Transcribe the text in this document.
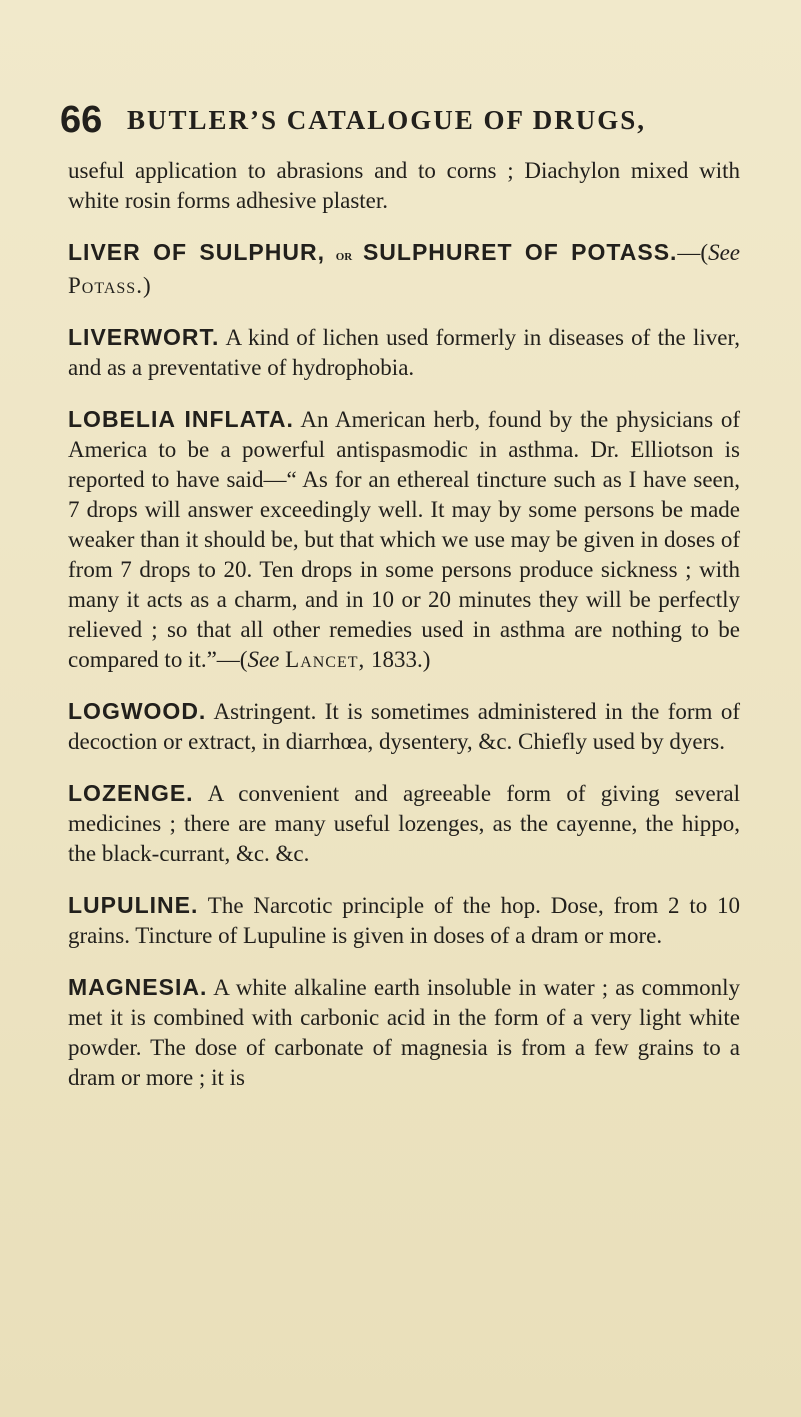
66 BUTLER’S CATALOGUE OF DRUGS,

useful application to abrasions and to corns ; Diachylon mixed with white rosin forms adhesive plaster.

LIVER OF SULPHUR, or SULPHURET OF POTASS.—(See Potass.)

LIVERWORT. A kind of lichen used formerly in diseases of the liver, and as a preventative of hydrophobia.

LOBELIA INFLATA. An American herb, found by the physicians of America to be a powerful antispasmodic in asthma. Dr. Elliotson is reported to have said—“ As for an ethereal tincture such as I have seen, 7 drops will answer exceedingly well. It may by some persons be made weaker than it should be, but that which we use may be given in doses of from 7 drops to 20. Ten drops in some persons produce sickness ; with many it acts as a charm, and in 10 or 20 minutes they will be perfectly relieved ; so that all other remedies used in asthma are nothing to be compared to it.”—(See Lancet, 1833.)

LOGWOOD. Astringent. It is sometimes administered in the form of decoction or extract, in diarrhœa, dysentery, &c. Chiefly used by dyers.

LOZENGE. A convenient and agreeable form of giving several medicines ; there are many useful lozenges, as the cayenne, the hippo, the black-currant, &c. &c.

LUPULINE. The Narcotic principle of the hop. Dose, from 2 to 10 grains. Tincture of Lupuline is given in doses of a dram or more.

MAGNESIA. A white alkaline earth insoluble in water ; as commonly met it is combined with carbonic acid in the form of a very light white powder. The dose of carbonate of magnesia is from a few grains to a dram or more ; it is
